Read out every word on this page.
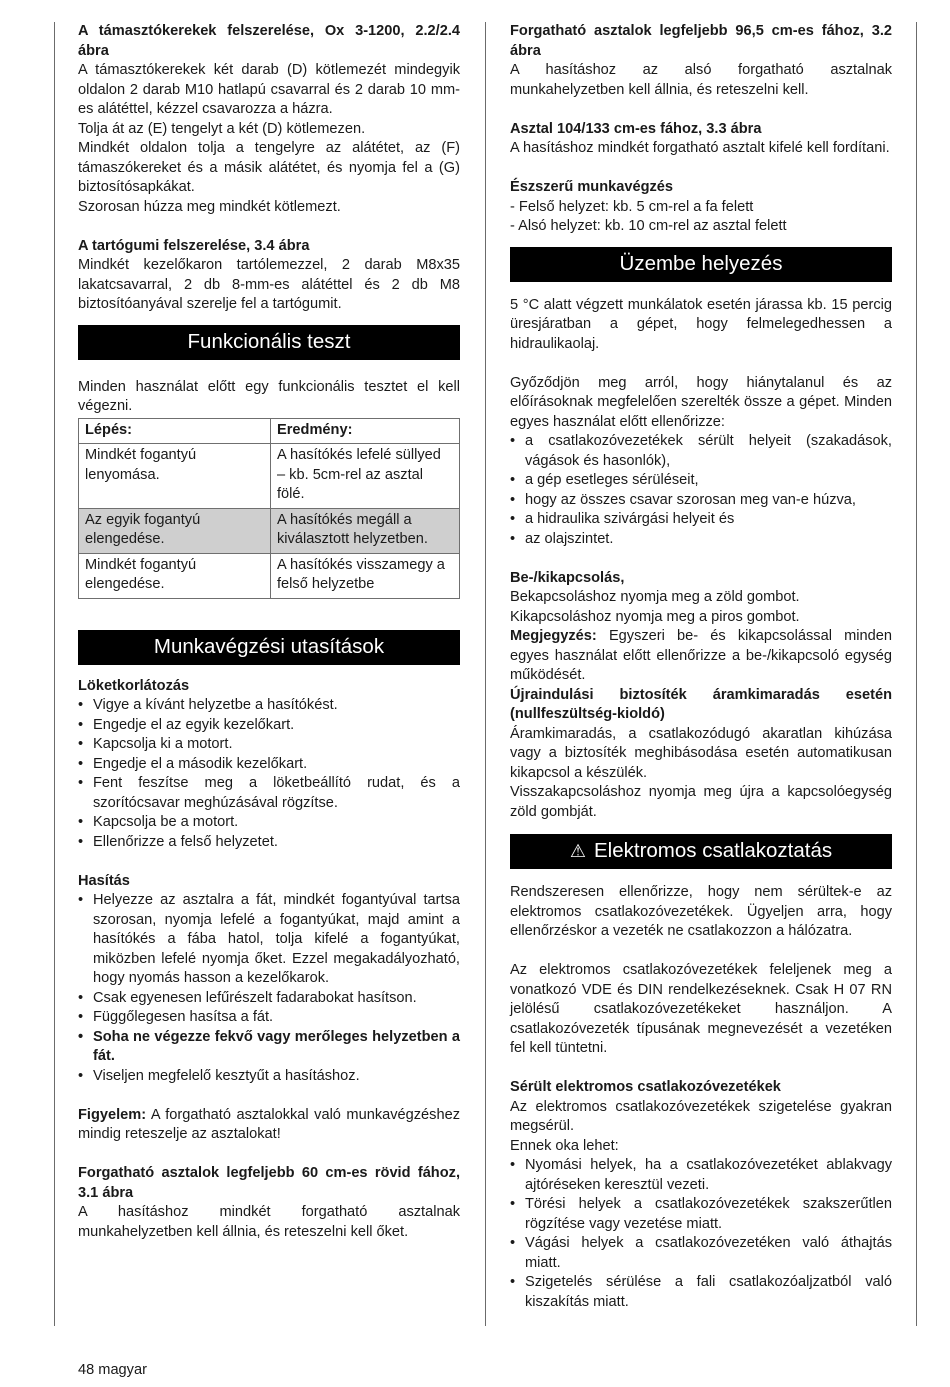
A támasztókerekek felszerelése, Ox 3-1200, 2.2/2.4 ábra

A támasztókerekek két darab (D) kötlemezét mindegyik oldalon 2 darab M10 hatlapú csavarral és 2 darab 10 mm-es alátéttel, kézzel csavarozza a házra.

Tolja át az (E) tengelyt a két (D) kötlemezen.

Mindkét oldalon tolja a tengelyre az alátétet, az (F) támaszókereket és a másik alátétet, és nyomja fel a (G) biztosítósapkákat.

Szorosan húzza meg mindkét kötlemezt.

A tartógumi felszerelése, 3.4 ábra

Mindkét kezelőkaron tartólemezzel, 2 darab M8x35 lakatcsavarral, 2 db 8-mm-es alátéttel és 2 db M8 biztosítóanyával szerelje fel a tartógumit.

Funkcionális teszt

Minden használat előtt egy funkcionális tesztet el kell végezni.

Lépés:	Eredmény:
Mindkét fogantyú lenyomása.	A hasítókés lefelé süllyed – kb. 5cm-rel az asztal fölé.
Az egyik fogantyú elengedése.	A hasítókés megáll a kiválasztott helyzetben.
Mindkét fogantyú elengedése.	A hasítókés visszamegy a felső helyzetbe
Munkavégzési utasítások

Löketkorlátozás

• Vigye a kívánt helyzetbe a hasítókést.
• Engedje el az egyik kezelőkart.
• Kapcsolja ki a motort.
• Engedje el a második kezelőkart.
• Fent feszítse meg a löketbeállító rudat, és a szorítócsavar meghúzásával rögzítse.
• Kapcsolja be a motort.
• Ellenőrizze a felső helyzetet.

Hasítás

• Helyezze az asztalra a fát, mindkét fogantyúval tartsa szorosan, nyomja lefelé a fogantyúkat, majd amint a hasítókés a fába hatol, tolja kifelé a fogantyúkat, miközben lefelé nyomja őket. Ezzel megakadályozható, hogy nyomás hasson a kezelőkarok.
• Csak egyenesen lefűrészelt fadarabokat hasítson.
• Függőlegesen hasítsa a fát.
• Soha ne végezze fekvő vagy merőleges helyzetben a fát.
• Viseljen megfelelő kesztyűt a hasításhoz.

Figyelem: A forgatható asztalokkal való munkavégzéshez mindig reteszelje az asztalokat!

Forgatható asztalok legfeljebb 60 cm-es rövid fához, 3.1 ábra

A hasításhoz mindkét forgatható asztalnak munkahelyzetben kell állnia, és reteszelni kell őket.

Forgatható asztalok legfeljebb 96,5 cm-es fához, 3.2 ábra

A hasításhoz az alsó forgatható asztalnak munkahelyzetben kell állnia, és reteszelni kell.

Asztal 104/133 cm-es fához, 3.3 ábra

A hasításhoz mindkét forgatható asztalt kifelé kell fordítani.

Észszerű munkavégzés

- Felső helyzet: kb. 5 cm-rel a fa felett

- Alsó helyzet: kb. 10 cm-rel az asztal felett

Üzembe helyezés

5 °C alatt végzett munkálatok esetén járassa kb. 15 percig üresjáratban a gépet, hogy felmelegedhessen a hidraulikaolaj.

Győződjön meg arról, hogy hiánytalanul és az előírásoknak megfelelően szerelték össze a gépet. Minden egyes használat előtt ellenőrizze:

• a csatlakozóvezetékek sérült helyeit (szakadások, vágások és hasonlók),
• a gép esetleges sérüléseit,
• hogy az összes csavar szorosan meg van-e húzva,
• a hidraulika szivárgási helyeit és
• az olajszintet.

Be-/kikapcsolás,

Bekapcsoláshoz nyomja meg a zöld gombot.

Kikapcsoláshoz nyomja meg a piros gombot.

Megjegyzés: Egyszeri be- és kikapcsolással minden egyes használat előtt ellenőrizze a be-/kikapcsoló egység működését.

Újraindulási biztosíték áramkimaradás esetén (nullfeszültség-kioldó)

Áramkimaradás, a csatlakozódugó akaratlan kihúzása vagy a biztosíték meghibásodása esetén automatikusan kikapcsol a készülék.

Visszakapcsoláshoz nyomja meg újra a kapcsolóegység zöld gombját.

⚠ Elektromos csatlakoztatás

Rendszeresen ellenőrizze, hogy nem sérültek-e az elektromos csatlakozóvezetékek. Ügyeljen arra, hogy ellenőrzéskor a vezeték ne csatlakozzon a hálózatra.

Az elektromos csatlakozóvezetékek feleljenek meg a vonatkozó VDE és DIN rendelkezéseknek. Csak H 07 RN jelölésű csatlakozóvezetékeket használjon. A csatlakozóvezeték típusának megnevezését a vezetéken fel kell tüntetni.

Sérült elektromos csatlakozóvezetékek

Az elektromos csatlakozóvezetékek szigetelése gyakran megsérül.

Ennek oka lehet:

• Nyomási helyek, ha a csatlakozóvezetéket ablakvagy ajtóréseken keresztül vezeti.
• Törési helyek a csatlakozóvezetékek szakszerűtlen rögzítése vagy vezetése miatt.
• Vágási helyek a csatlakozóvezetéken való áthajtás miatt.
• Szigetelés sérülése a fali csatlakozóaljzatból való kiszakítás miatt.
48 magyar
